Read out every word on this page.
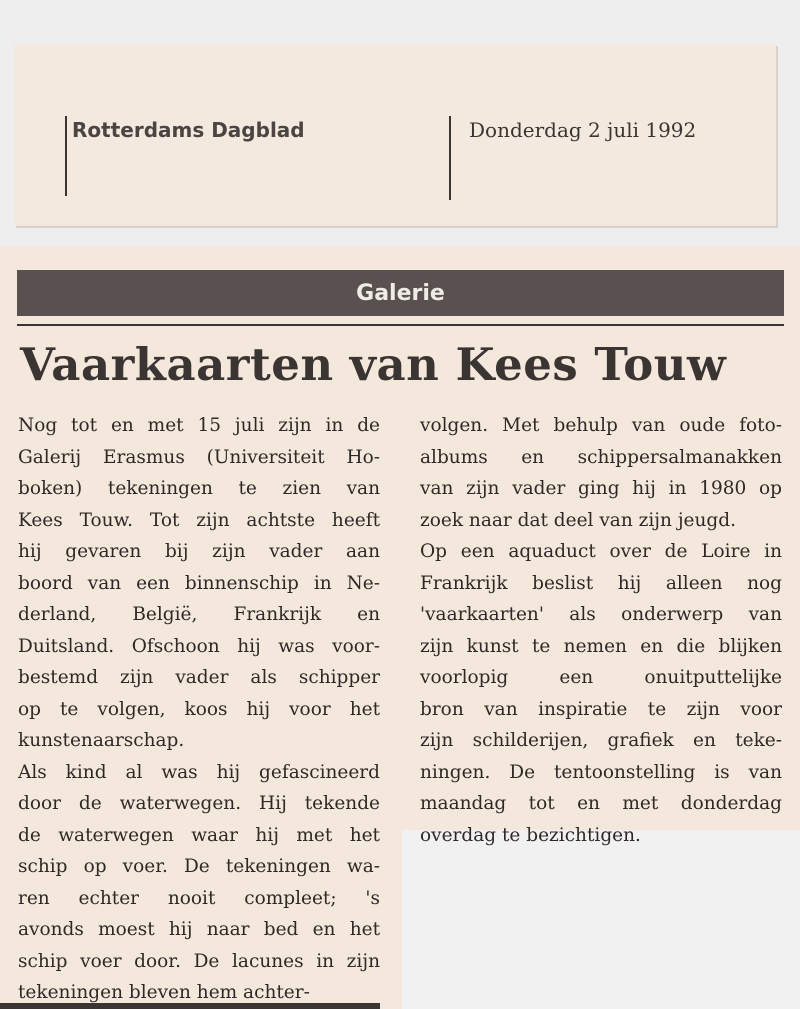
Rotterdams Dagblad	Donderdag 2 juli 1992
Galerie
Vaarkaarten van Kees Touw
Nog tot en met 15 juli zijn in de
Galerij Erasmus (Universiteit Ho-
boken) tekeningen te zien van
Kees Touw. Tot zijn achtste heeft
hij gevaren bij zijn vader aan
boord van een binnenschip in Ne-
derland, België, Frankrijk en
Duitsland. Ofschoon hij was voor-
bestemd zijn vader als schipper
op te volgen, koos hij voor het
kunstenaarschap.
Als kind al was hij gefascineerd
door de waterwegen. Hij tekende
de waterwegen waar hij met het
schip op voer. De tekeningen wa-
ren echter nooit compleet; 's
avonds moest hij naar bed en het
schip voer door. De lacunes in zijn
tekeningen bleven hem achter-
volgen. Met behulp van oude foto-
albums en schippersalmanakken
van zijn vader ging hij in 1980 op
zoek naar dat deel van zijn jeugd.
Op een aquaduct over de Loire in
Frankrijk beslist hij alleen nog
'vaarkaarten' als onderwerp van
zijn kunst te nemen en die blijken
voorlopig een onuitputtelijke
bron van inspiratie te zijn voor
zijn schilderijen, grafiek en teke-
ningen. De tentoonstelling is van
maandag tot en met donderdag
overdag te bezichtigen.
